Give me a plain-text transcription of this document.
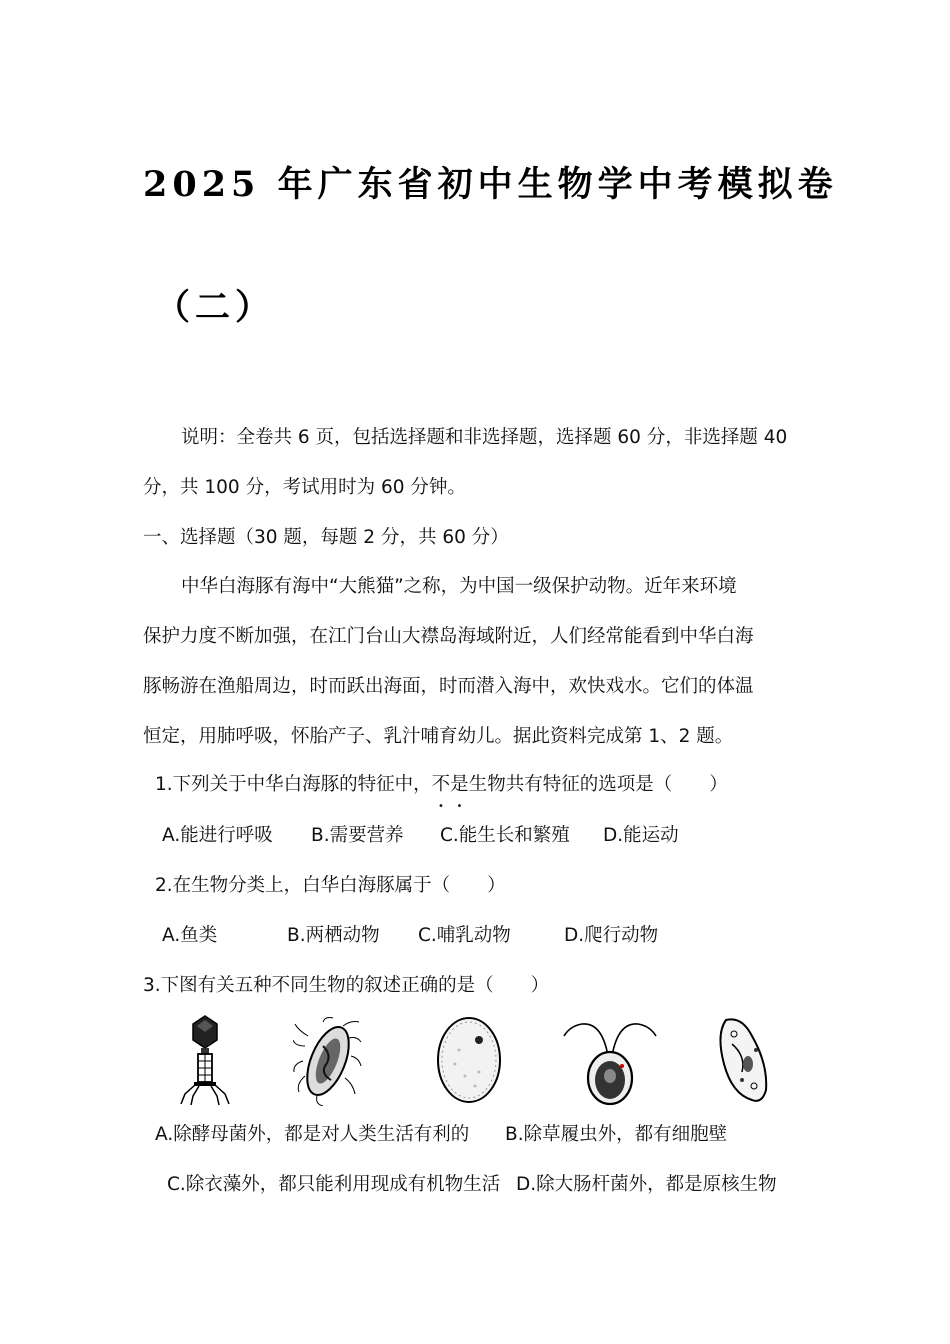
2025 年广东省初中生物学中考模拟卷
（二）
说明：全卷共 6 页，包括选择题和非选择题，选择题 60 分，非选择题 40
分，共 100 分，考试用时为 60 分钟。
一、选择题（30 题，每题 2 分，共 60 分）
中华白海豚有海中“大熊猫”之称，为中国一级保护动物。近年来环境
保护力度不断加强，在江门台山大襟岛海域附近，人们经常能看到中华白海
豚畅游在渔船周边，时而跃出海面，时而潜入海中，欢快戏水。它们的体温
恒定，用肺呼吸，怀胎产子、乳汁哺育幼儿。据此资料完成第 1、2 题。
1.下列关于中华白海豚的特征中，不是生物共有特征的选项是（　　）
A.能进行呼吸 B.需要营养 C.能生长和繁殖 D.能运动
2.在生物分类上，白华白海豚属于（　　）
A.鱼类	B.两栖动物 C.哺乳动物	D.爬行动物
3.下图有关五种不同生物的叙述正确的是（　　）
A.除酵母菌外，都是对人类生活有利的 B.除草履虫外，都有细胞壁
C.除衣藻外，都只能利用现成有机物生活 D.除大肠杆菌外，都是原核生物
